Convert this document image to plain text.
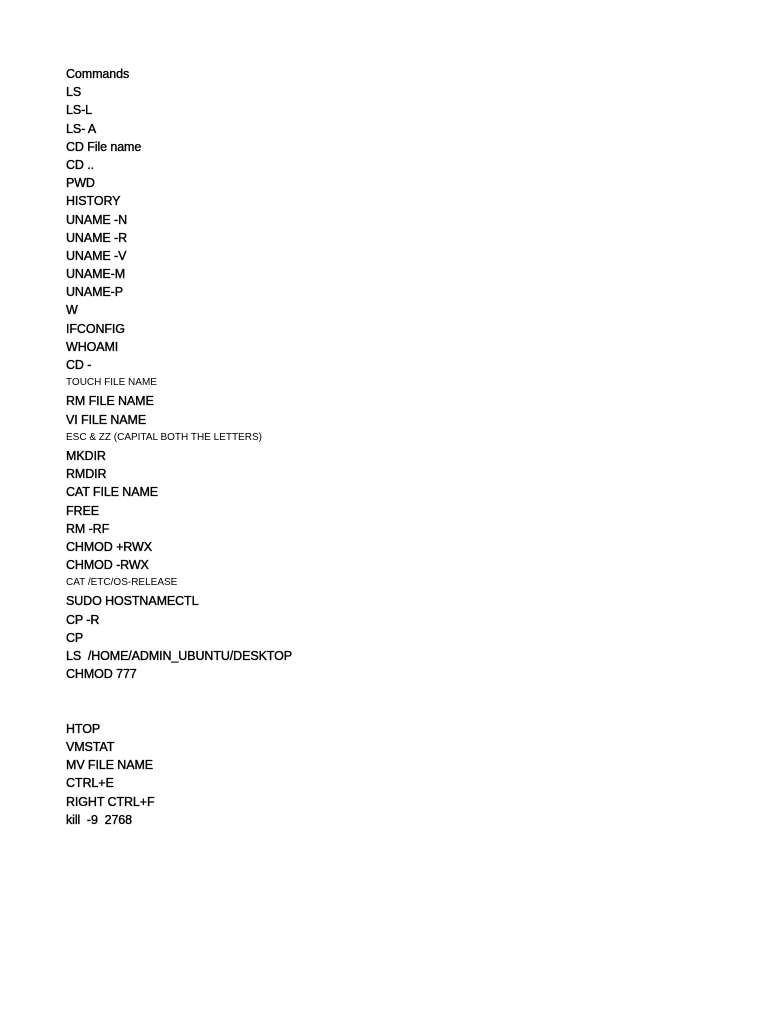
Commands
LS
LS-L
LS- A
CD File name
CD ..
PWD
HISTORY
UNAME -N
UNAME -R
UNAME -V
UNAME-M
UNAME-P
W
IFCONFIG
WHOAMI
CD -
TOUCH FILE NAME
RM FILE NAME
VI FILE NAME
ESC & ZZ (CAPITAL BOTH THE LETTERS)
MKDIR
RMDIR
CAT FILE NAME
FREE
RM -RF
CHMOD +RWX
CHMOD -RWX
CAT /ETC/OS-RELEASE
SUDO HOSTNAMECTL
CP -R
CP
LS  /HOME/ADMIN_UBUNTU/DESKTOP
CHMOD 777
HTOP
VMSTAT
MV FILE NAME
CTRL+E
RIGHT CTRL+F
kill  -9  2768
